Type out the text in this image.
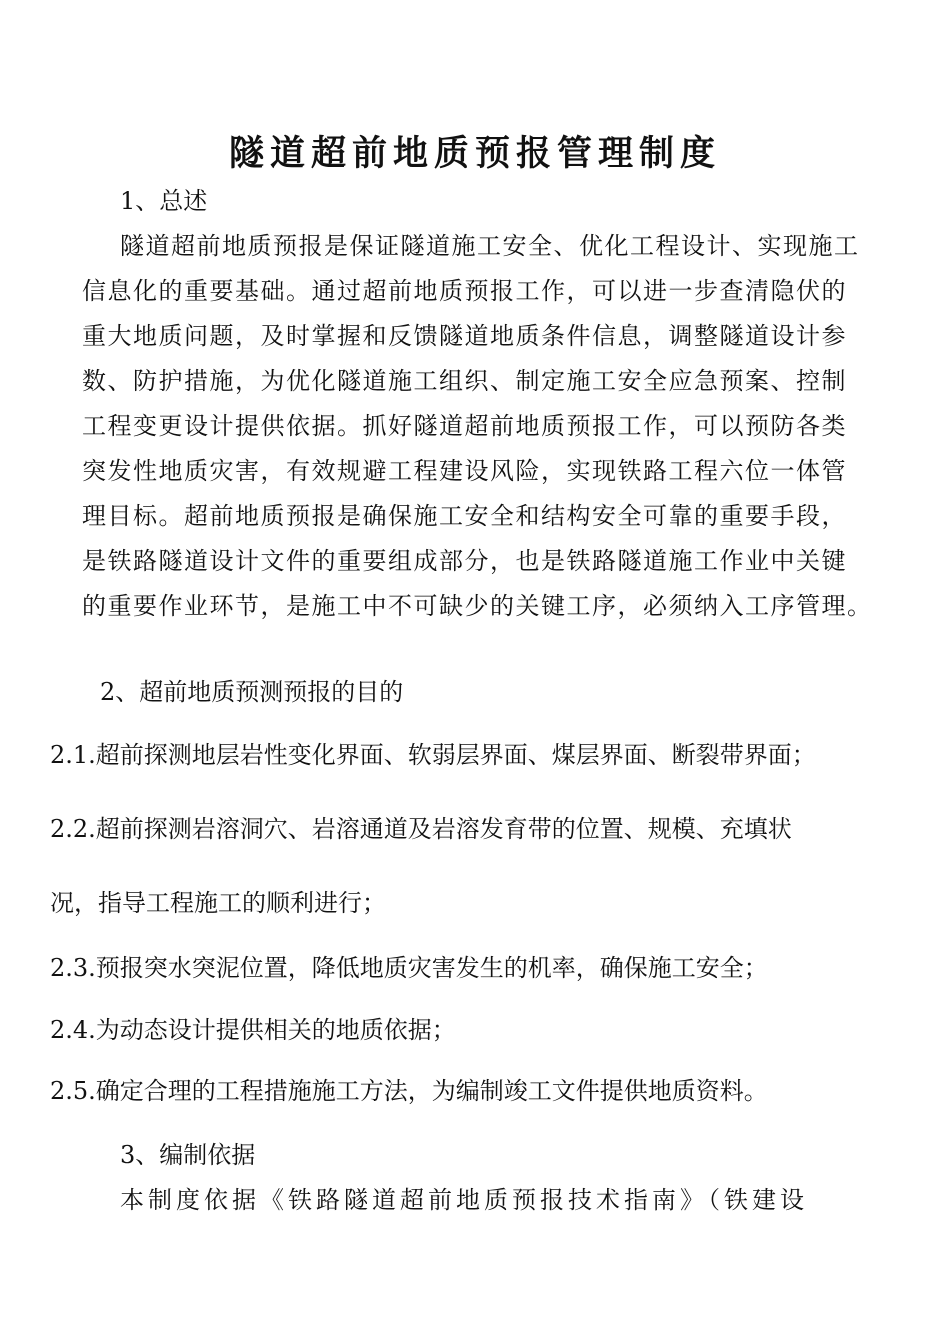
隧道超前地质预报管理制度
1、总述
隧道超前地质预报是保证隧道施工安全、优化工程设计、实现施工
信息化的重要基础。通过超前地质预报工作，可以进一步查清隐伏的
重大地质问题，及时掌握和反馈隧道地质条件信息，调整隧道设计参
数、防护措施，为优化隧道施工组织、制定施工安全应急预案、控制
工程变更设计提供依据。抓好隧道超前地质预报工作，可以预防各类
突发性地质灾害，有效规避工程建设风险，实现铁路工程六位一体管
理目标。超前地质预报是确保施工安全和结构安全可靠的重要手段，
是铁路隧道设计文件的重要组成部分，也是铁路隧道施工作业中关键
的重要作业环节，是施工中不可缺少的关键工序，必须纳入工序管理。
2、超前地质预测预报的目的
2.1.超前探测地层岩性变化界面、软弱层界面、煤层界面、断裂带界面；
2.2.超前探测岩溶洞穴、岩溶通道及岩溶发育带的位置、规模、充填状
况，指导工程施工的顺利进行；
2.3.预报突水突泥位置，降低地质灾害发生的机率，确保施工安全；
2.4.为动态设计提供相关的地质依据；
2.5.确定合理的工程措施施工方法，为编制竣工文件提供地质资料。
3、编制依据
本制度依据《铁路隧道超前地质预报技术指南》（铁建设
